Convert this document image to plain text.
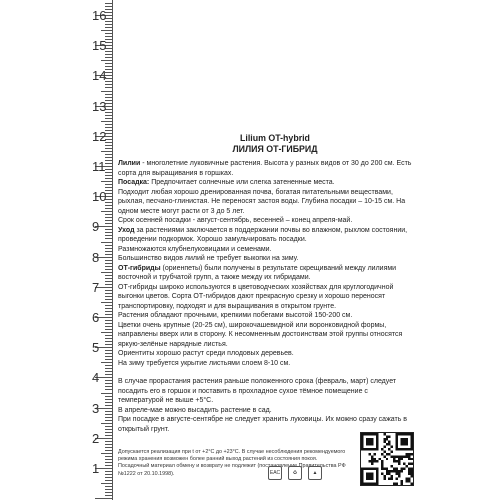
16
15
14
13
12
11
10
9
8
7
6
5
4
3
2
1
Lilium OT-hybrid
ЛИЛИЯ ОТ-ГИБРИД

Лилии - многолетние луковичные растения. Высота у разных видов от 30 до 200 см. Есть сорта для выращивания в горшках.

Посадка: Предпочитает солнечные или слегка затененные места.

Подходит любая хорошо дренированная почва, богатая питательными веществами, рыхлая, песчано-глинистая. Не переносят застоя воды. Глубина посадки – 10-15 см. На одном месте могут расти от 3 до 5 лет.

Срок осенней посадки - август-сентябрь, весенней – конец апреля-май.

Уход за растениями заключается в поддержании почвы во влажном, рыхлом состоянии, проведении подкормок. Хорошо замульчировать посадки.

Размножаются клубнелуковицами и семенами.

Большинство видов лилий не требует выкопки на зиму.

ОТ-гибриды (ориенпеты) были получены в результате скрещиваний между лилиями восточной и трубчатой групп, а также между их гибридами.

ОТ-гибриды широко используются в цветоводческих хозяйствах для круглогодичной выгонки цветов. Сорта ОТ-гибридов дают прекрасную срезку и хорошо переносят транспортировку, подходят и для выращивания в открытом грунте.

Растения обладают прочными, крепкими побегами высотой 150-200 см.

Цветки очень крупные (20-25 см), широкочашевидной или воронковидной формы, направлены вверх или в сторону. К несомненным достоинствам этой группы относятся яркую-зелёные нарядные листья.

Ориентиты хорошо растут среди плодовых деревьев.

На зиму требуется укрытие листьями слоем 8-10 см.

В случае прорастания растения раньше положенного срока (февраль, март) следует посадить его в горшок и поставить в прохладное сухое тёмное помещение с температурой не выше +5°С.

В апреле-мае можно высадить растение в сад.

При посадке в августе-сентябре не следует хранить луковицы. Их можно сразу сажать в открытый грунт.

Допускается реализация при t от +2°С до +23°С. В случае несоблюдения рекомендуемого режима хранения возможен более ранний выход растений из состояния покоя.
Посадочный материал обмену и возврату не подлежит (постановление Правительства РФ №1222 от 20.10.1998).	EAC	♻	▲
